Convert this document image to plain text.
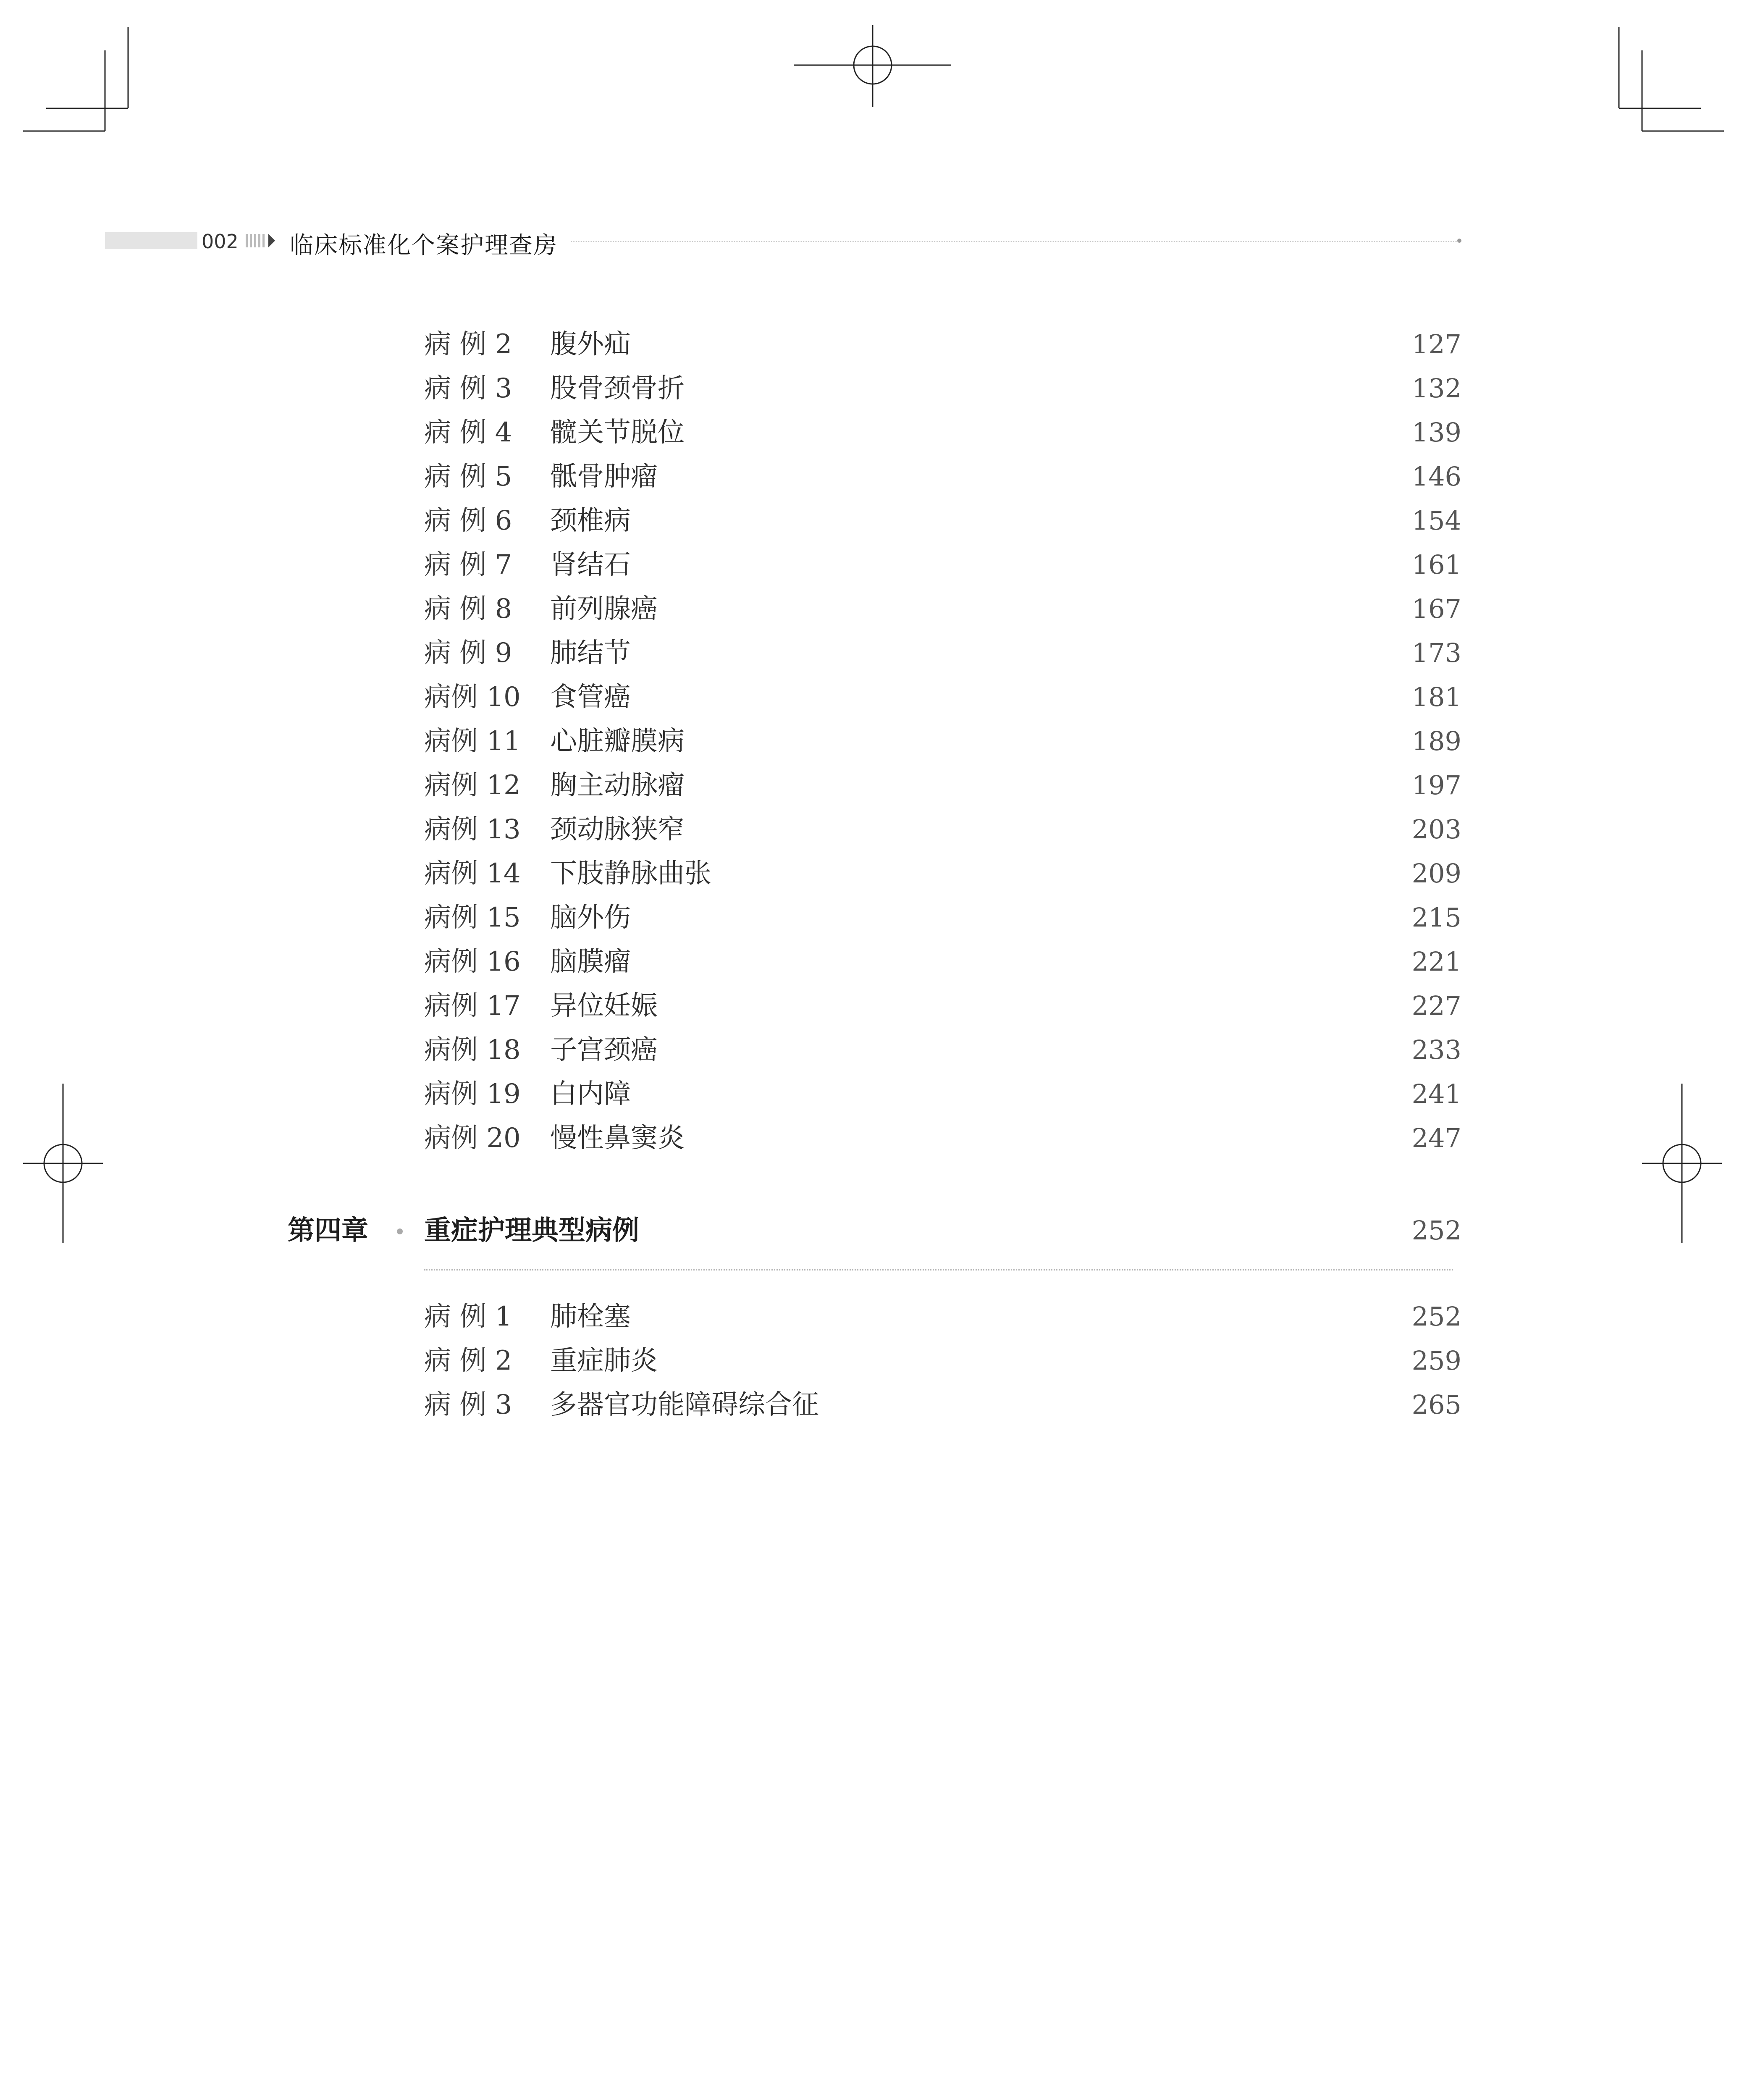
002 临床标准化个案护理查房
病 例 2	腹外疝	127
病 例 3	股骨颈骨折	132
病 例 4	髋关节脱位	139
病 例 5	骶骨肿瘤	146
病 例 6	颈椎病	154
病 例 7	肾结石	161
病 例 8	前列腺癌	167
病 例 9	肺结节	173
病例 10	食管癌	181
病例 11	心脏瓣膜病	189
病例 12	胸主动脉瘤	197
病例 13	颈动脉狭窄	203
病例 14	下肢静脉曲张	209
病例 15	脑外伤	215
病例 16	脑膜瘤	221
病例 17	异位妊娠	227
病例 18	子宫颈癌	233
病例 19	白内障	241
病例 20	慢性鼻窦炎	247
第四章 重症护理典型病例	252
病 例 1	肺栓塞	252
病 例 2	重症肺炎	259
病 例 3	多器官功能障碍综合征	265
